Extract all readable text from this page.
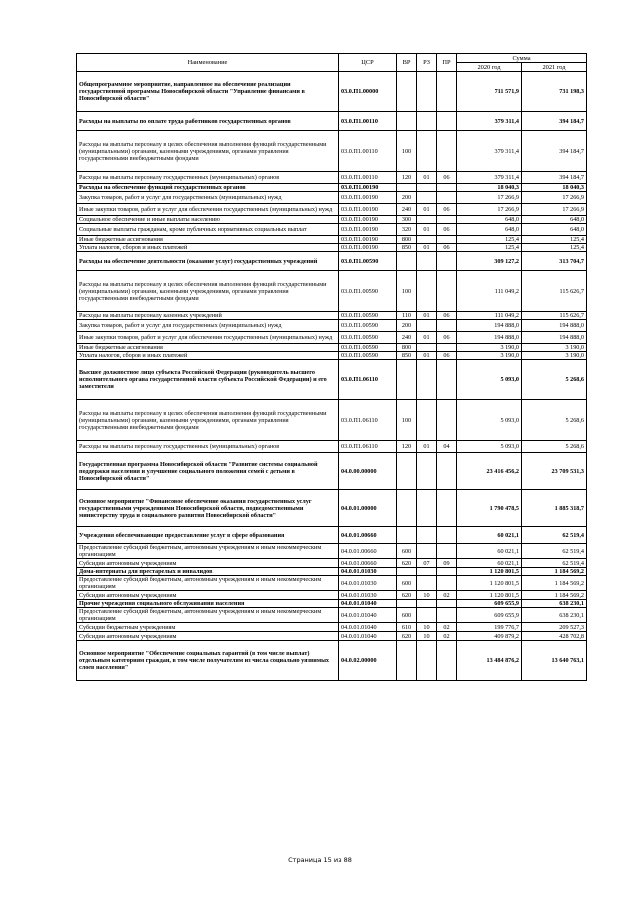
Наименование	ЦСР	ВР	РЗ	ПР	Сумма	
					2020 год	2021 год
Общепрограммное мероприятие, направленное на обеспечение реализации государственной программы Новосибирской области "Управление финансами в Новосибирской области"	03.0.П1.00000				711 571,9	731 198,3
Расходы на выплаты по оплате труда работников государственных органов	03.0.П1.00110				379 311,4	394 184,7
Расходы на выплаты персоналу в целях обеспечения выполнения функций государственными (муниципальными) органами, казенными учреждениями, органами управления государственными внебюджетными фондами	03.0.П1.00110	100			379 311,4	394 184,7
Расходы на выплаты персоналу государственных (муниципальных) органов	03.0.П1.00110	120	01	06	379 311,4	394 184,7
Расходы на обеспечение функций государственных органов	03.0.П1.00190				18 040,3	18 040,3
Закупка товаров, работ и услуг для государственных (муниципальных) нужд	03.0.П1.00190	200			17 266,9	17 266,9
Иные закупки товаров, работ и услуг для обеспечения государственных (муниципальных) нужд	03.0.П1.00190	240	01	06	17 266,9	17 266,9
Социальное обеспечение и иные выплаты населению	03.0.П1.00190	300			648,0	648,0
Социальные выплаты гражданам, кроме публичных нормативных социальных выплат	03.0.П1.00190	320	01	06	648,0	648,0
Иные бюджетные ассигнования	03.0.П1.00190	800			125,4	125,4
Уплата налогов, сборов и иных платежей	03.0.П1.00190	850	01	06	125,4	125,4
Расходы на обеспечение деятельности (оказание услуг) государственных учреждений	03.0.П1.00590				309 127,2	313 704,7
Расходы на выплаты персоналу в целях обеспечения выполнения функций государственными (муниципальными) органами, казенными учреждениями, органами управления государственными внебюджетными фондами	03.0.П1.00590	100			111 049,2	115 626,7
Расходы на выплаты персоналу казенных учреждений	03.0.П1.00590	110	01	06	111 049,2	115 626,7
Закупка товаров, работ и услуг для государственных (муниципальных) нужд	03.0.П1.00590	200			194 888,0	194 888,0
Иные закупки товаров, работ и услуг для обеспечения государственных (муниципальных) нужд	03.0.П1.00590	240	01	06	194 888,0	194 888,0
Иные бюджетные ассигнования	03.0.П1.00590	800			3 190,0	3 190,0
Уплата налогов, сборов и иных платежей	03.0.П1.00590	850	01	06	3 190,0	3 190,0
Высшее должностное лицо субъекта Российской Федерации (руководитель высшего исполнительного органа государственной власти субъекта Российской Федерации) и его заместители	03.0.П1.06110				5 093,0	5 268,6
Расходы на выплаты персоналу в целях обеспечения выполнения функций государственными (муниципальными) органами, казенными учреждениями, органами управления государственными внебюджетными фондами	03.0.П1.06110	100			5 093,0	5 268,6
Расходы на выплаты персоналу государственных (муниципальных) органов	03.0.П1.06110	120	01	04	5 093,0	5 268,6
Государственная программа Новосибирской области "Развитие системы социальной поддержки населения и улучшение социального положения семей с детьми в Новосибирской области"	04.0.00.00000				23 416 456,2	23 709 531,3
Основное мероприятие "Финансовое обеспечение оказания государственных услуг государственными учреждениями Новосибирской области, подведомственными министерству труда и социального развития Новосибирской области"	04.0.01.00000				1 790 478,5	1 885 318,7
Учреждения обеспечивающие предоставление услуг в сфере образования	04.0.01.00660				60 021,1	62 519,4
Предоставление субсидий бюджетным, автономным учреждениям и иным некоммерческим организациям	04.0.01.00660	600			60 021,1	62 519,4
Субсидии автономным учреждениям	04.0.01.00660	620	07	09	60 021,1	62 519,4
Дома-интернаты для престарелых и инвалидов	04.0.01.01030				1 120 801,5	1 184 569,2
Предоставление субсидий бюджетным, автономным учреждениям и иным некоммерческим организациям	04.0.01.01030	600			1 120 801,5	1 184 569,2
Субсидии автономным учреждениям	04.0.01.01030	620	10	02	1 120 801,5	1 184 569,2
Прочие учреждения социального обслуживания населения	04.0.01.01040				609 655,9	638 230,1
Предоставление субсидий бюджетным, автономным учреждениям и иным некоммерческим организациям	04.0.01.01040	600			609 655,9	638 230,1
Субсидии бюджетным учреждениям	04.0.01.01040	610	10	02	199 776,7	209 527,3
Субсидии автономным учреждениям	04.0.01.01040	620	10	02	409 879,2	428 702,8
Основное мероприятие "Обеспечение социальных гарантий (в том числе выплат) отдельным категориям граждан, в том числе получателям из числа социально уязвимых слоев населения"	04.0.02.00000				13 484 876,2	13 640 763,1
Страница 15 из 88
